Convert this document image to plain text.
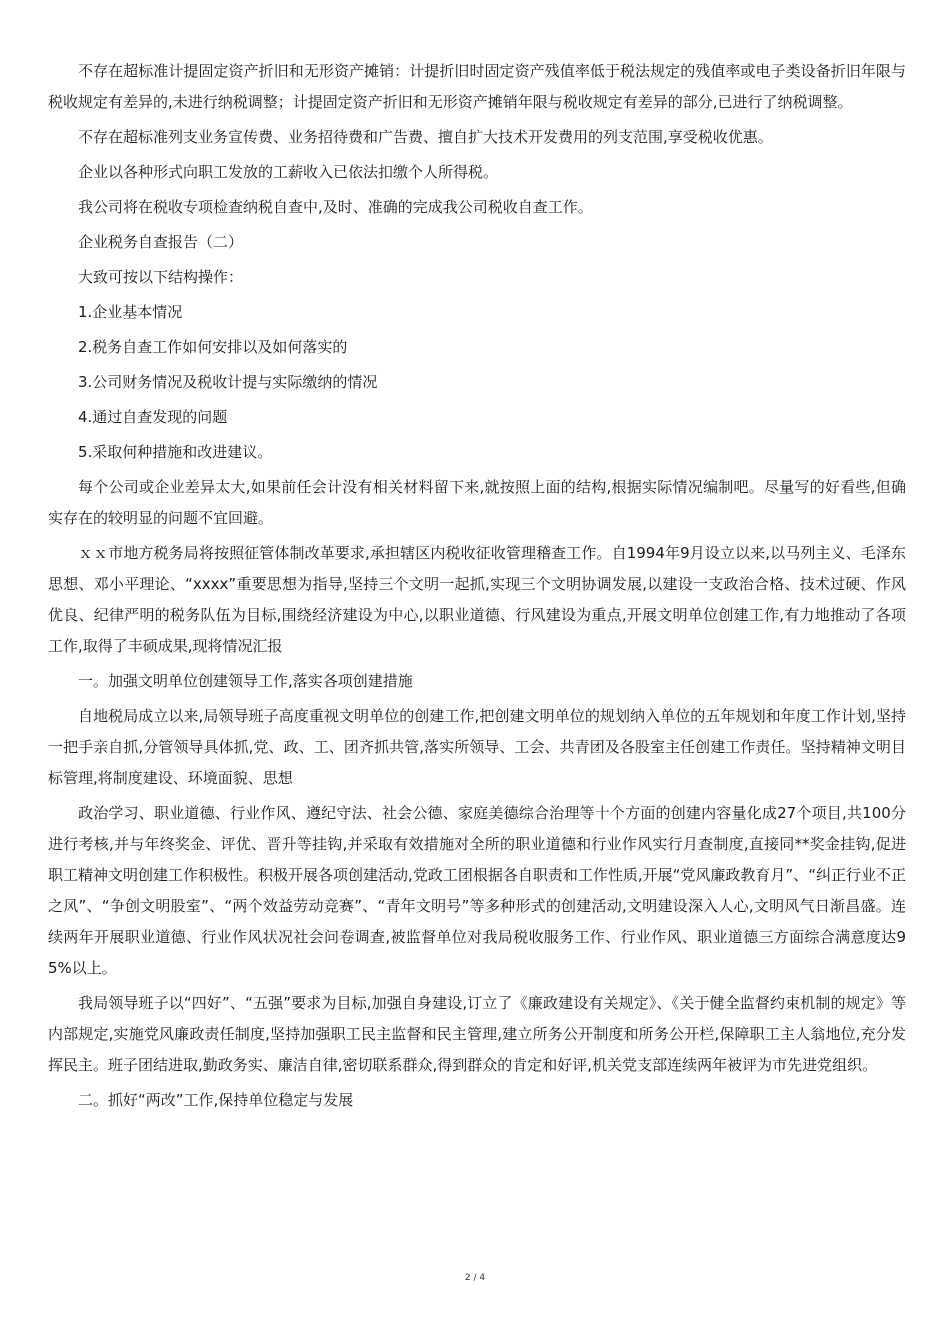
不存在超标准计提固定资产折旧和无形资产摊销：计提折旧时固定资产残值率低于税法规定的残值率或电子类设备折旧年限与税收规定有差异的,未进行纳税调整；计提固定资产折旧和无形资产摊销年限与税收规定有差异的部分,已进行了纳税调整。

不存在超标准列支业务宣传费、业务招待费和广告费、擅自扩大技术开发费用的列支范围,享受税收优惠。

企业以各种形式向职工发放的工薪收入已依法扣缴个人所得税。

我公司将在税收专项检查纳税自查中,及时、准确的完成我公司税收自查工作。

企业税务自查报告（二）

大致可按以下结构操作：

1.企业基本情况

2.税务自查工作如何安排以及如何落实的

3.公司财务情况及税收计提与实际缴纳的情况

4.通过自查发现的问题

5.采取何种措施和改进建议。

每个公司或企业差异太大,如果前任会计没有相关材料留下来,就按照上面的结构,根据实际情况编制吧。尽量写的好看些,但确实存在的较明显的问题不宜回避。

ｘｘ市地方税务局将按照征管体制改革要求,承担辖区内税收征收管理稽查工作。自1994年9月设立以来,以马列主义、毛泽东思想、邓小平理论、“xxxx”重要思想为指导,坚持三个文明一起抓,实现三个文明协调发展,以建设一支政治合格、技术过硬、作风优良、纪律严明的税务队伍为目标,围绕经济建设为中心,以职业道德、行风建设为重点,开展文明单位创建工作,有力地推动了各项工作,取得了丰硕成果,现将情况汇报

一。加强文明单位创建领导工作,落实各项创建措施

自地税局成立以来,局领导班子高度重视文明单位的创建工作,把创建文明单位的规划纳入单位的五年规划和年度工作计划,坚持一把手亲自抓,分管领导具体抓,党、政、工、团齐抓共管,落实所领导、工会、共青团及各股室主任创建工作责任。坚持精神文明目标管理,将制度建设、环境面貌、思想

政治学习、职业道德、行业作风、遵纪守法、社会公德、家庭美德综合治理等十个方面的创建内容量化成27个项目,共100分进行考核,并与年终奖金、评优、晋升等挂钩,并采取有效措施对全所的职业道德和行业作风实行月查制度,直接同**奖金挂钩,促进职工精神文明创建工作积极性。积极开展各项创建活动,党政工团根据各自职责和工作性质,开展“党风廉政教育月”、“纠正行业不正之风”、“争创文明股室”、“两个效益劳动竞赛”、“青年文明号”等多种形式的创建活动,文明建设深入人心,文明风气日渐昌盛。连续两年开展职业道德、行业作风状况社会问卷调查,被监督单位对我局税收服务工作、行业作风、职业道德三方面综合满意度达95%以上。

我局领导班子以“四好”、“五强”要求为目标,加强自身建设,订立了《廉政建设有关规定》、《关于健全监督约束机制的规定》等内部规定,实施党风廉政责任制度,坚持加强职工民主监督和民主管理,建立所务公开制度和所务公开栏,保障职工主人翁地位,充分发挥民主。班子团结进取,勤政务实、廉洁自律,密切联系群众,得到群众的肯定和好评,机关党支部连续两年被评为市先进党组织。

二。抓好“两改”工作,保持单位稳定与发展

2 / 4
